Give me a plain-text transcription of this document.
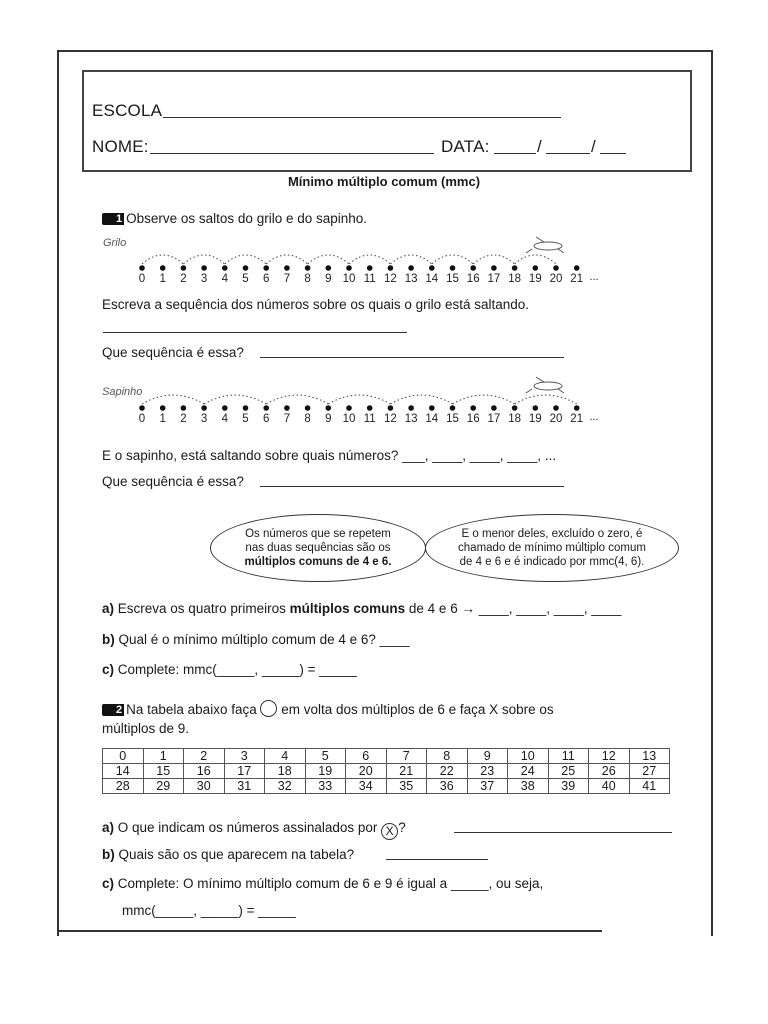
ESCOLA
NOME:	DATA:	/	/
Mínimo múltiplo comum (mmc)
1 Observe os saltos do grilo e do sapinho.
Grilo
0 1 2 3 4 5 6 7 8 9 10 11 12 13 14 15 16 17 18 19 20 21 ...
Sapinho
0 1 2 3 4 5 6 7 8 9 10 11 12 13 14 15 16 17 18 19 20 21 ...
Escreva a sequência dos números sobre os quais o grilo está saltando.
Que sequência é essa?
E o sapinho, está saltando sobre quais números? ___, ____, ____, ____, ...
Que sequência é essa?
Os números que se repetem
nas duas sequências são os
múltiplos comuns de 4 e 6.
E o menor deles, excluído o zero, é
chamado de mínimo múltiplo comum
de 4 e 6 e é indicado por mmc(4, 6).
a) Escreva os quatro primeiros múltiplos comuns de 4 e 6 → ____, ____, ____, ____
b) Qual é o mínimo múltiplo comum de 4 e 6? ____
c) Complete: mmc(_____, _____) = _____
2 Na tabela abaixo faça em volta dos múltiplos de 6 e faça X sobre os
múltiplos de 9.
0	1	2	3	4	5	6	7	8	9	10	11	12	13
14	15	16	17	18	19	20	21	22	23	24	25	26	27
28	29	30	31	32	33	34	35	36	37	38	39	40	41
a) O que indicam os números assinalados por X ?
b) Quais são os que aparecem na tabela?
c) Complete: O mínimo múltiplo comum de 6 e 9 é igual a _____, ou seja,
mmc(_____, _____) = _____
